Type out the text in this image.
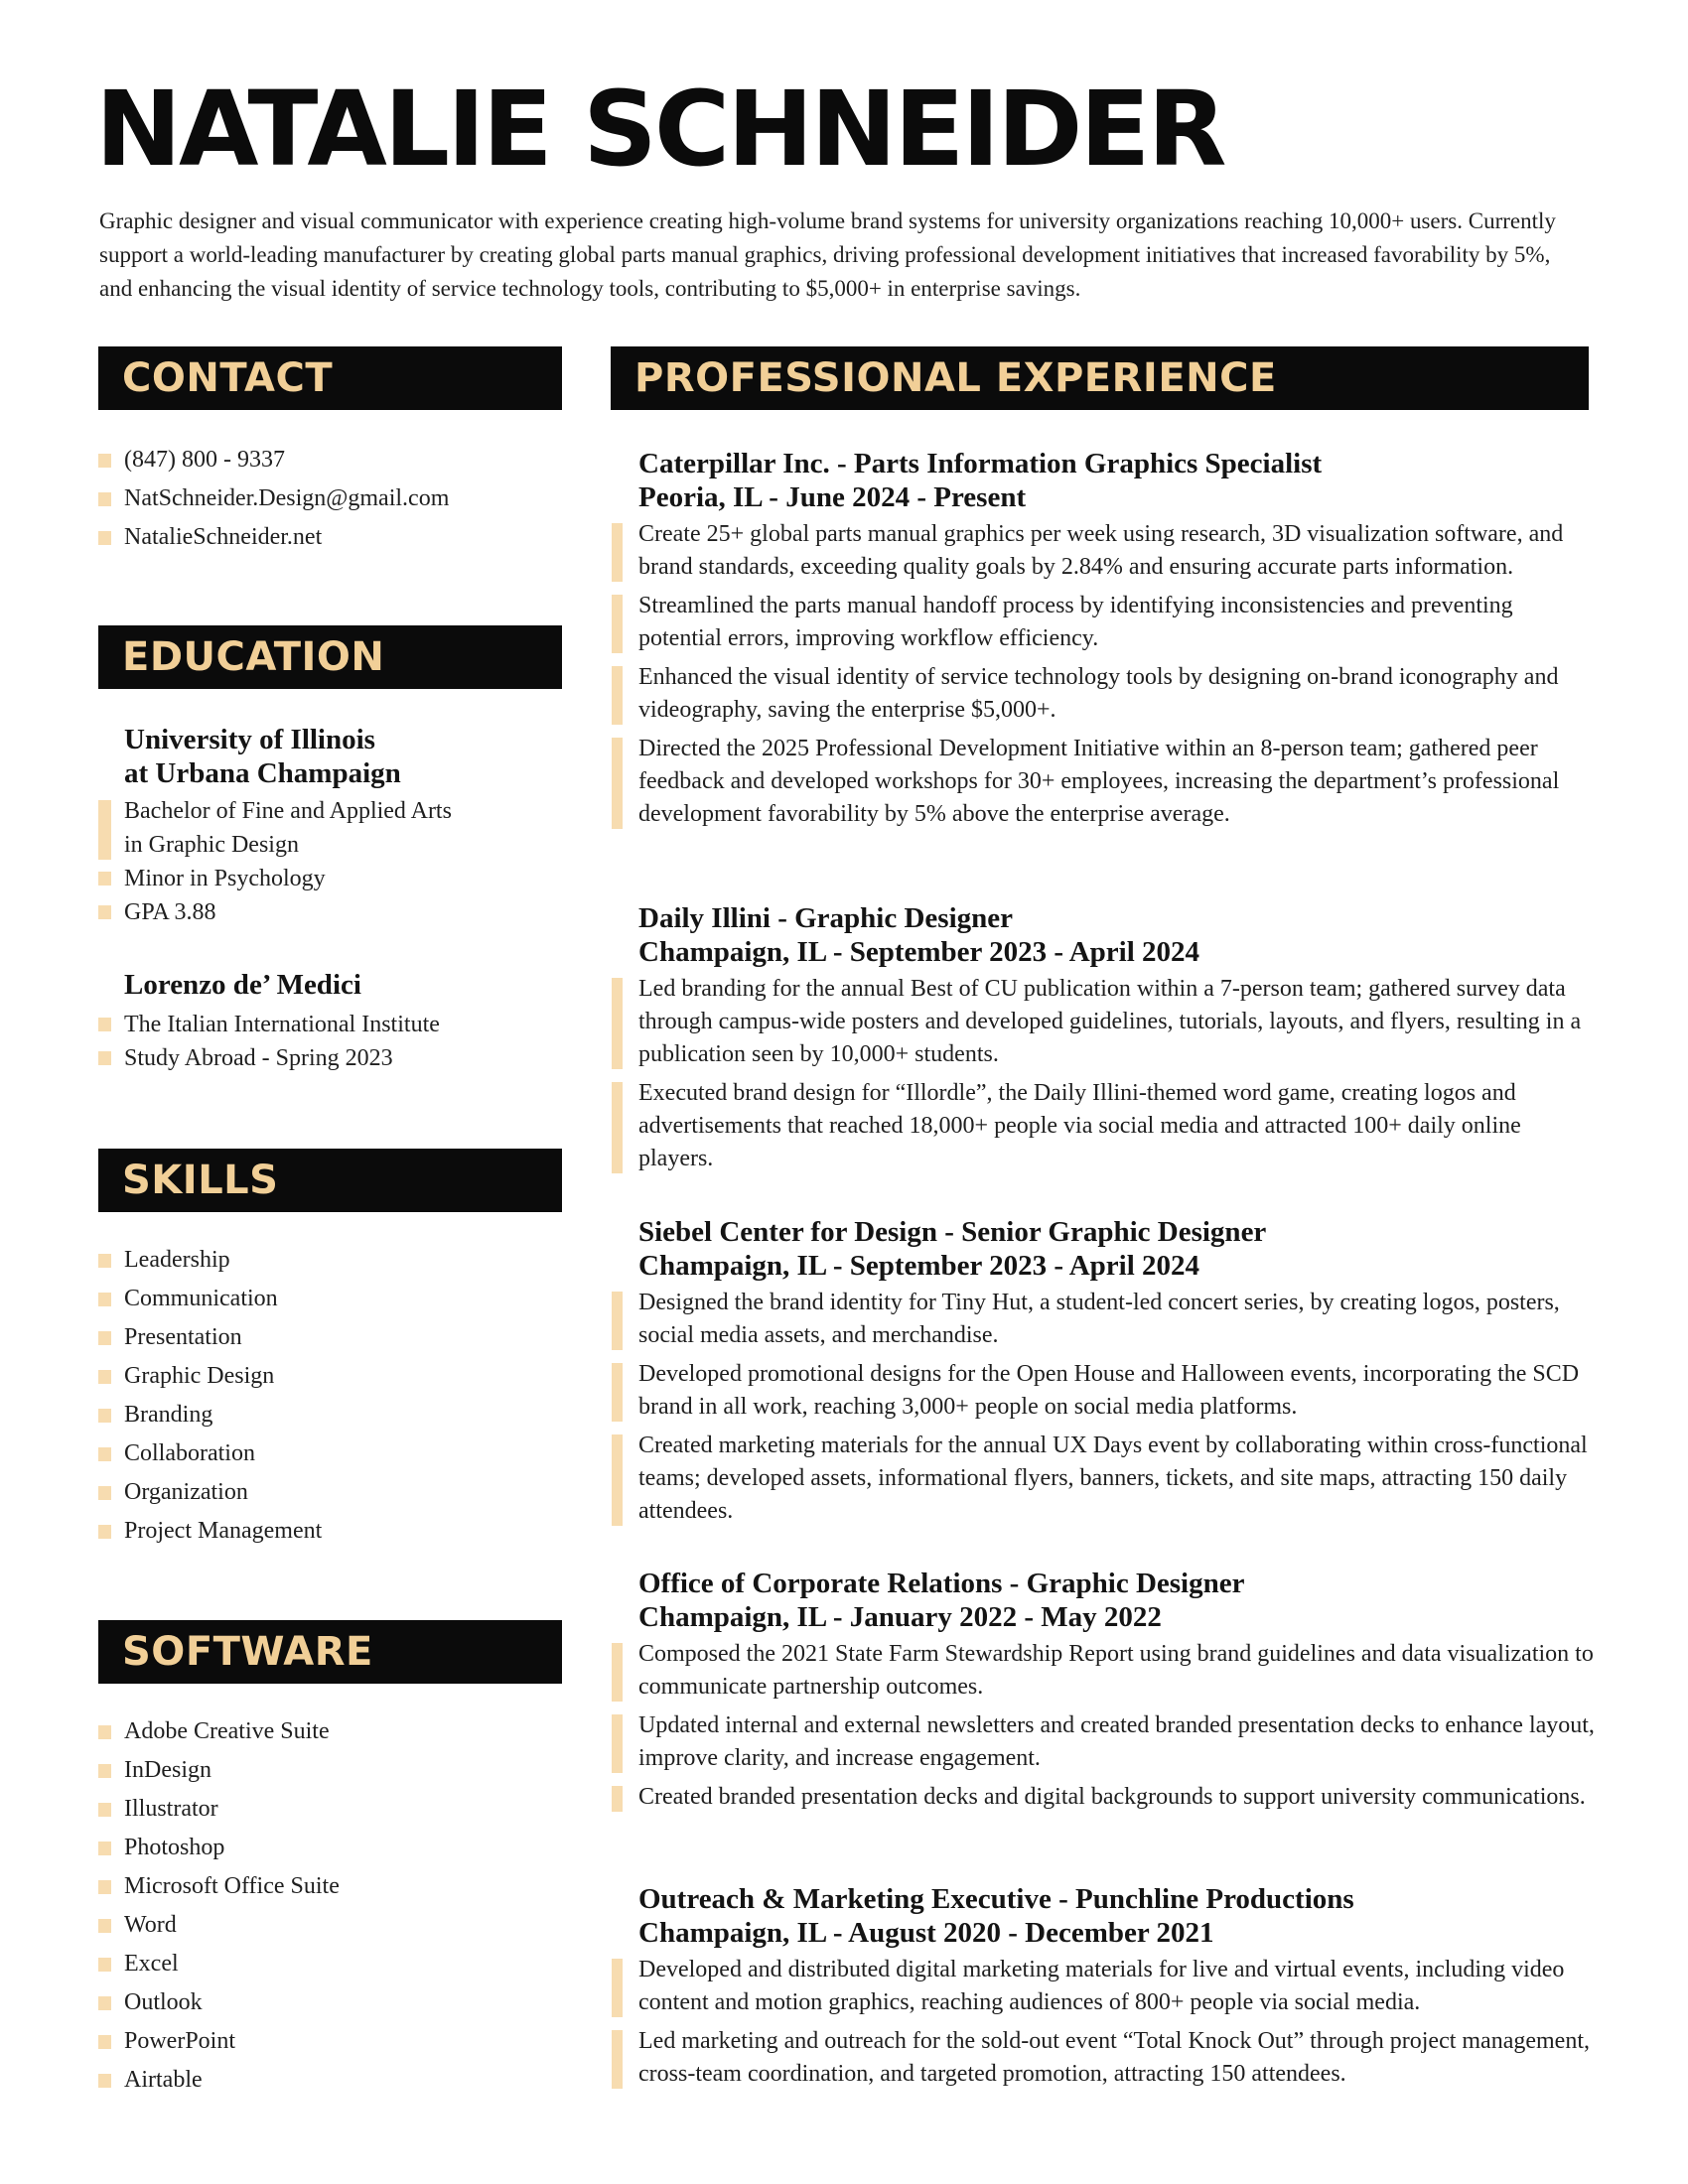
NATALIE SCHNEIDER

Graphic designer and visual communicator with experience creating high-volume brand systems for university organizations reaching 10,000+ users. Currently support a world-leading manufacturer by creating global parts manual graphics, driving professional development initiatives that increased favorability by 5%, and enhancing the visual identity of service technology tools, contributing to $5,000+ in enterprise savings.

CONTACT
(847) 800 - 9337
NatSchneider.Design@gmail.com
NatalieSchneider.net
EDUCATION
University of Illinois
at Urbana Champaign
Bachelor of Fine and Applied Arts
in Graphic Design
Minor in Psychology
GPA 3.88
Lorenzo de’ Medici
The Italian International Institute
Study Abroad - Spring 2023
SKILLS
Leadership
Communication
Presentation
Graphic Design
Branding
Collaboration
Organization
Project Management
SOFTWARE
Adobe Creative Suite
InDesign
Illustrator
Photoshop
Microsoft Office Suite
Word
Excel
Outlook
PowerPoint
Airtable
PROFESSIONAL EXPERIENCE
Caterpillar Inc. - Parts Information Graphics Specialist
Peoria, IL - June 2024 - Present
Create 25+ global parts manual graphics per week using research, 3D visualization software, and brand standards, exceeding quality goals by 2.84% and ensuring accurate parts information.
Streamlined the parts manual handoff process by identifying inconsistencies and preventing potential errors, improving workflow efficiency.
Enhanced the visual identity of service technology tools by designing on-brand iconography and videography, saving the enterprise $5,000+.
Directed the 2025 Professional Development Initiative within an 8-person team; gathered peer feedback and developed workshops for 30+ employees, increasing the department’s professional development favorability by 5% above the enterprise average.
Daily Illini - Graphic Designer
Champaign, IL - September 2023 - April 2024
Led branding for the annual Best of CU publication within a 7-person team; gathered survey data through campus-wide posters and developed guidelines, tutorials, layouts, and flyers, resulting in a publication seen by 10,000+ students.
Executed brand design for “Illordle”, the Daily Illini-themed word game, creating logos and advertisements that reached 18,000+ people via social media and attracted 100+ daily online players.
Siebel Center for Design - Senior Graphic Designer
Champaign, IL - September 2023 - April 2024
Designed the brand identity for Tiny Hut, a student-led concert series, by creating logos, posters, social media assets, and merchandise.
Developed promotional designs for the Open House and Halloween events, incorporating the SCD brand in all work, reaching 3,000+ people on social media platforms.
Created marketing materials for the annual UX Days event by collaborating within cross-functional teams; developed assets, informational flyers, banners, tickets, and site maps, attracting 150 daily attendees.
Office of Corporate Relations - Graphic Designer
Champaign, IL - January 2022 - May 2022
Composed the 2021 State Farm Stewardship Report using brand guidelines and data visualization to communicate partnership outcomes.
Updated internal and external newsletters and created branded presentation decks to enhance layout, improve clarity, and increase engagement.
Created branded presentation decks and digital backgrounds to support university communications.
Outreach & Marketing Executive - Punchline Productions
Champaign, IL - August 2020 - December 2021
Developed and distributed digital marketing materials for live and virtual events, including video content and motion graphics, reaching audiences of 800+ people via social media.
Led marketing and outreach for the sold-out event “Total Knock Out” through project management, cross-team coordination, and targeted promotion, attracting 150 attendees.
